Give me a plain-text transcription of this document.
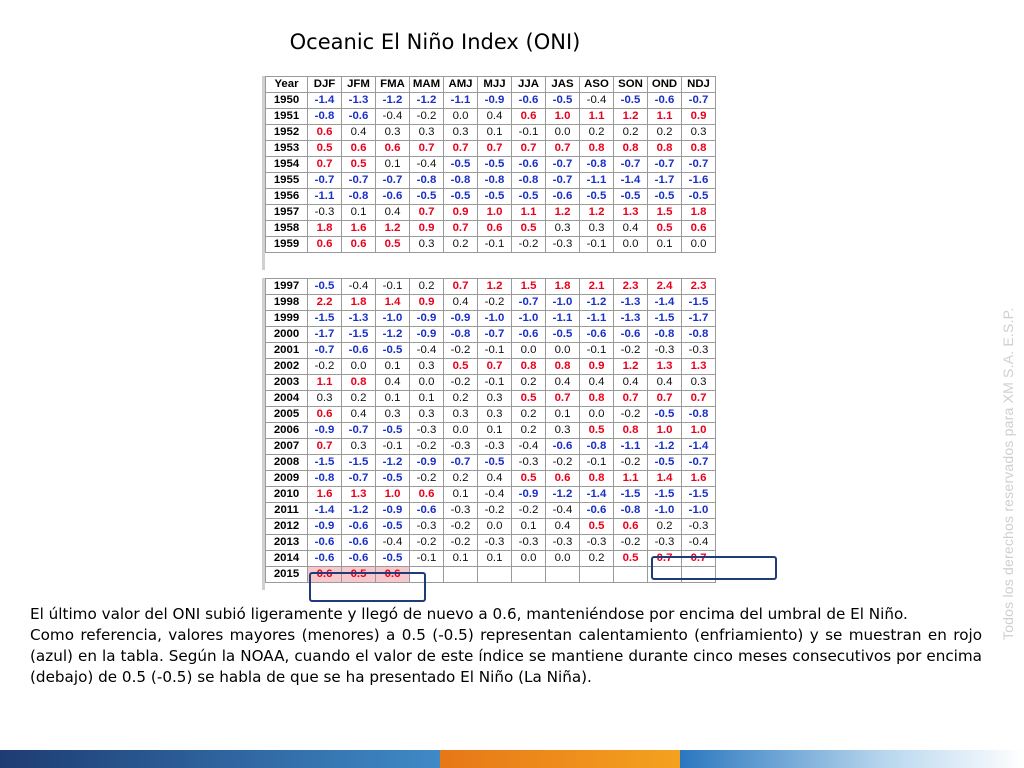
Oceanic El Niño Index (ONI)
Year	DJF	JFM	FMA	MAM	AMJ	MJJ	JJA	JAS	ASO	SON	OND	NDJ
1950	-1.4	-1.3	-1.2	-1.2	-1.1	-0.9	-0.6	-0.5	-0.4	-0.5	-0.6	-0.7
1951	-0.8	-0.6	-0.4	-0.2	0.0	0.4	0.6	1.0	1.1	1.2	1.1	0.9
1952	0.6	0.4	0.3	0.3	0.3	0.1	-0.1	0.0	0.2	0.2	0.2	0.3
1953	0.5	0.6	0.6	0.7	0.7	0.7	0.7	0.7	0.8	0.8	0.8	0.8
1954	0.7	0.5	0.1	-0.4	-0.5	-0.5	-0.6	-0.7	-0.8	-0.7	-0.7	-0.7
1955	-0.7	-0.7	-0.7	-0.8	-0.8	-0.8	-0.8	-0.7	-1.1	-1.4	-1.7	-1.6
1956	-1.1	-0.8	-0.6	-0.5	-0.5	-0.5	-0.5	-0.6	-0.5	-0.5	-0.5	-0.5
1957	-0.3	0.1	0.4	0.7	0.9	1.0	1.1	1.2	1.2	1.3	1.5	1.8
1958	1.8	1.6	1.2	0.9	0.7	0.6	0.5	0.3	0.3	0.4	0.5	0.6
1959	0.6	0.6	0.5	0.3	0.2	-0.1	-0.2	-0.3	-0.1	0.0	0.1	0.0
1997	-0.5	-0.4	-0.1	0.2	0.7	1.2	1.5	1.8	2.1	2.3	2.4	2.3
1998	2.2	1.8	1.4	0.9	0.4	-0.2	-0.7	-1.0	-1.2	-1.3	-1.4	-1.5
1999	-1.5	-1.3	-1.0	-0.9	-0.9	-1.0	-1.0	-1.1	-1.1	-1.3	-1.5	-1.7
2000	-1.7	-1.5	-1.2	-0.9	-0.8	-0.7	-0.6	-0.5	-0.6	-0.6	-0.8	-0.8
2001	-0.7	-0.6	-0.5	-0.4	-0.2	-0.1	0.0	0.0	-0.1	-0.2	-0.3	-0.3
2002	-0.2	0.0	0.1	0.3	0.5	0.7	0.8	0.8	0.9	1.2	1.3	1.3
2003	1.1	0.8	0.4	0.0	-0.2	-0.1	0.2	0.4	0.4	0.4	0.4	0.3
2004	0.3	0.2	0.1	0.1	0.2	0.3	0.5	0.7	0.8	0.7	0.7	0.7
2005	0.6	0.4	0.3	0.3	0.3	0.3	0.2	0.1	0.0	-0.2	-0.5	-0.8
2006	-0.9	-0.7	-0.5	-0.3	0.0	0.1	0.2	0.3	0.5	0.8	1.0	1.0
2007	0.7	0.3	-0.1	-0.2	-0.3	-0.3	-0.4	-0.6	-0.8	-1.1	-1.2	-1.4
2008	-1.5	-1.5	-1.2	-0.9	-0.7	-0.5	-0.3	-0.2	-0.1	-0.2	-0.5	-0.7
2009	-0.8	-0.7	-0.5	-0.2	0.2	0.4	0.5	0.6	0.8	1.1	1.4	1.6
2010	1.6	1.3	1.0	0.6	0.1	-0.4	-0.9	-1.2	-1.4	-1.5	-1.5	-1.5
2011	-1.4	-1.2	-0.9	-0.6	-0.3	-0.2	-0.2	-0.4	-0.6	-0.8	-1.0	-1.0
2012	-0.9	-0.6	-0.5	-0.3	-0.2	0.0	0.1	0.4	0.5	0.6	0.2	-0.3
2013	-0.6	-0.6	-0.4	-0.2	-0.2	-0.3	-0.3	-0.3	-0.3	-0.2	-0.3	-0.4
2014	-0.6	-0.6	-0.5	-0.1	0.1	0.1	0.0	0.0	0.2	0.5	0.7	0.7
2015	0.6	0.5	0.6									

El último valor del ONI subió ligeramente y llegó de nuevo a 0.6, manteniéndose por encima del umbral de El Niño.

Como referencia, valores mayores (menores) a 0.5 (-0.5) representan calentamiento (enfriamiento) y se muestran en rojo (azul) en la tabla. Según la NOAA, cuando el valor de este índice se mantiene durante cinco meses consecutivos por encima (debajo) de 0.5 (-0.5) se habla de que se ha presentado El Niño (La Niña).

Todos los derechos reservados para XM S.A. E.S.P.
